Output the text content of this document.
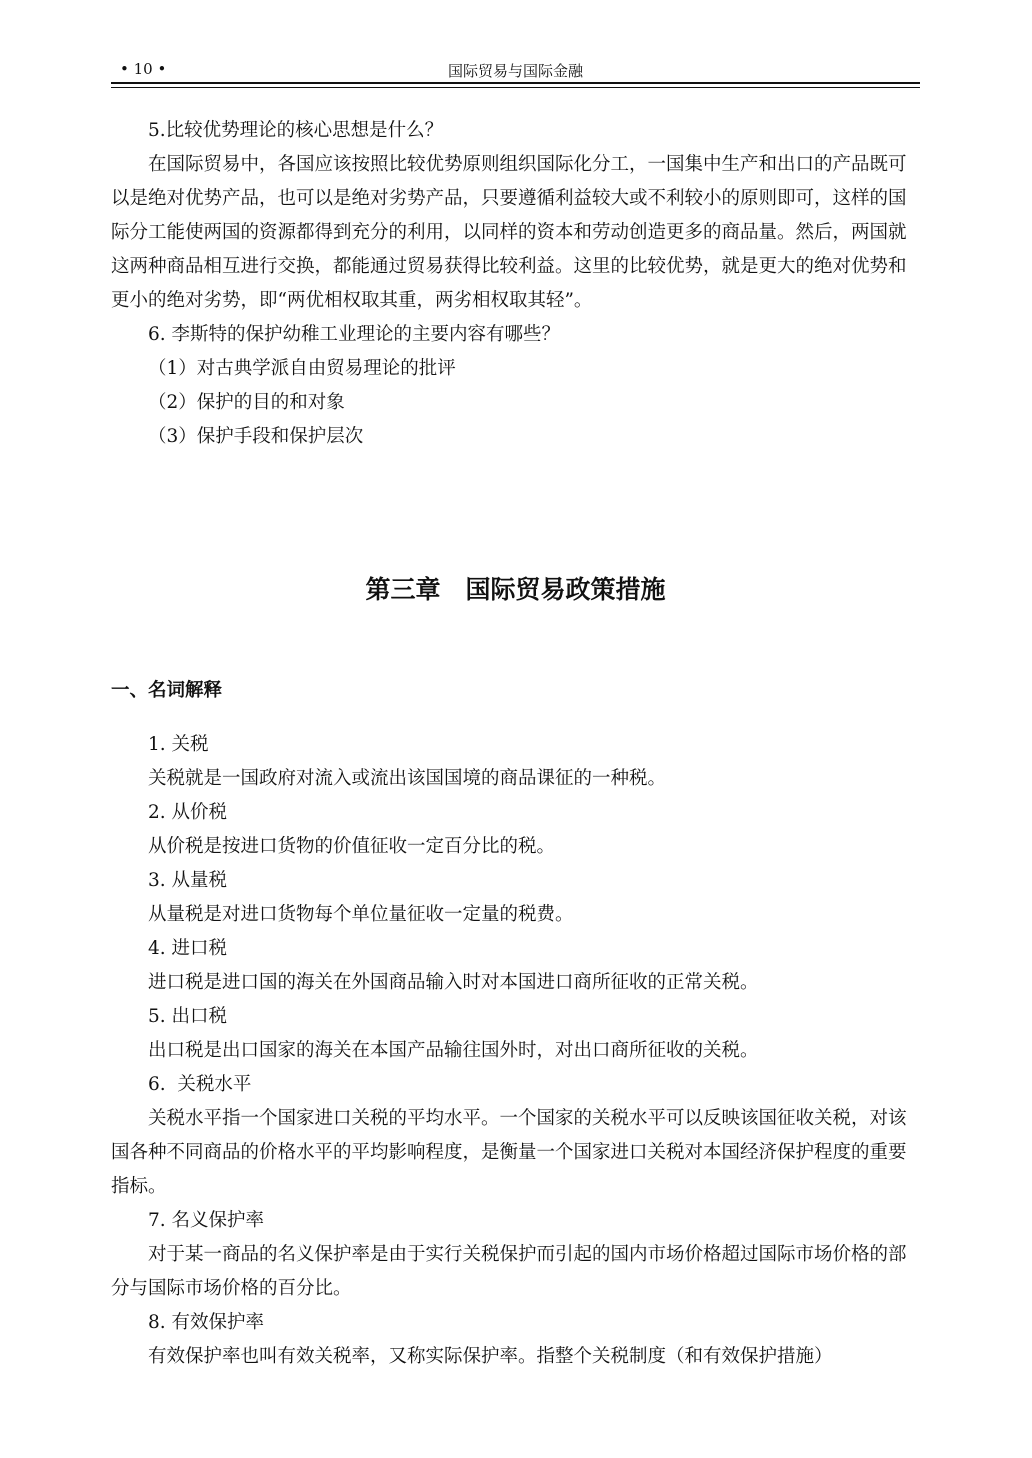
• 10 •	国际贸易与国际金融

5.比较优势理论的核心思想是什么？

在国际贸易中，各国应该按照比较优势原则组织国际化分工，一国集中生产和出口的产品既可以是绝对优势产品，也可以是绝对劣势产品，只要遵循利益较大或不利较小的原则即可，这样的国际分工能使两国的资源都得到充分的利用，以同样的资本和劳动创造更多的商品量。然后，两国就这两种商品相互进行交换，都能通过贸易获得比较利益。这里的比较优势，就是更大的绝对优势和更小的绝对劣势，即“两优相权取其重，两劣相权取其轻”。

6. 李斯特的保护幼稚工业理论的主要内容有哪些？

（1）对古典学派自由贸易理论的批评

（2）保护的目的和对象

（3）保护手段和保护层次

第三章　国际贸易政策措施
一、名词解释

1. 关税

关税就是一国政府对流入或流出该国国境的商品课征的一种税。

2. 从价税

从价税是按进口货物的价值征收一定百分比的税。

3. 从量税

从量税是对进口货物每个单位量征收一定量的税费。

4. 进口税

进口税是进口国的海关在外国商品输入时对本国进口商所征收的正常关税。

5. 出口税

出口税是出口国家的海关在本国产品输往国外时，对出口商所征收的关税。

6.  关税水平

关税水平指一个国家进口关税的平均水平。一个国家的关税水平可以反映该国征收关税，对该国各种不同商品的价格水平的平均影响程度，是衡量一个国家进口关税对本国经济保护程度的重要指标。

7. 名义保护率

对于某一商品的名义保护率是由于实行关税保护而引起的国内市场价格超过国际市场价格的部分与国际市场价格的百分比。

8. 有效保护率

有效保护率也叫有效关税率，又称实际保护率。指整个关税制度（和有效保护措施）
